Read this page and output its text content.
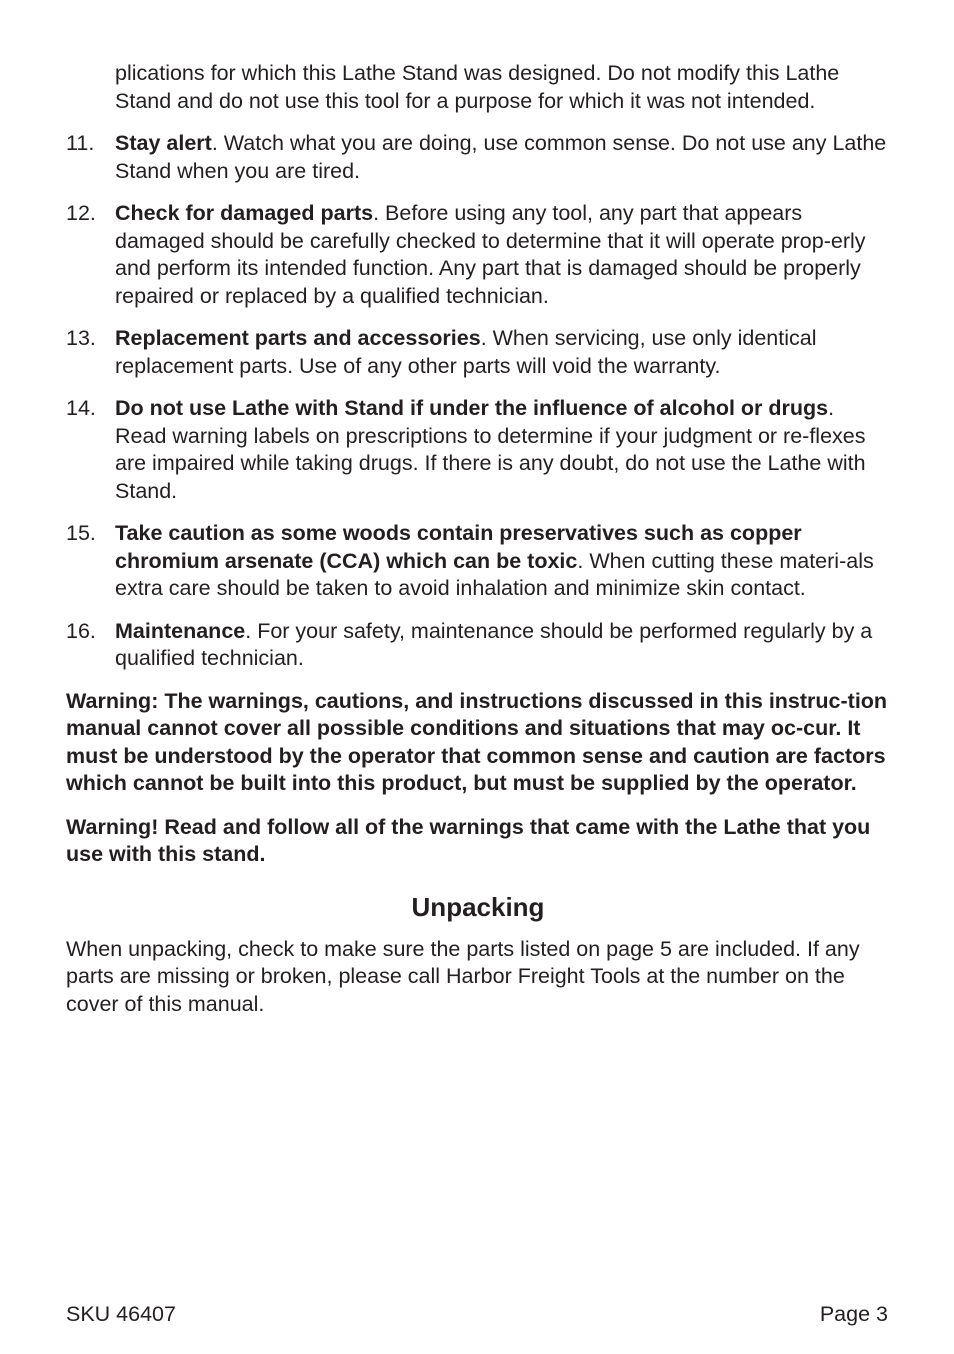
plications for which this Lathe Stand was designed. Do not modify this Lathe Stand and do not use this tool for a purpose for which it was not intended.

11. Stay alert. Watch what you are doing, use common sense. Do not use any Lathe Stand when you are tired.

12. Check for damaged parts. Before using any tool, any part that appears damaged should be carefully checked to determine that it will operate prop-erly and perform its intended function. Any part that is damaged should be properly repaired or replaced by a qualified technician.

13. Replacement parts and accessories. When servicing, use only identical replacement parts. Use of any other parts will void the warranty.

14. Do not use Lathe with Stand if under the influence of alcohol or drugs. Read warning labels on prescriptions to determine if your judgment or re-flexes are impaired while taking drugs. If there is any doubt, do not use the Lathe with Stand.

15. Take caution as some woods contain preservatives such as copper chromium arsenate (CCA) which can be toxic. When cutting these materi-als extra care should be taken to avoid inhalation and minimize skin contact.

16. Maintenance. For your safety, maintenance should be performed regularly by a qualified technician.

Warning: The warnings, cautions, and instructions discussed in this instruc-tion manual cannot cover all possible conditions and situations that may oc-cur. It must be understood by the operator that common sense and caution are factors which cannot be built into this product, but must be supplied by the operator.

Warning! Read and follow all of the warnings that came with the Lathe that you use with this stand.

Unpacking

When unpacking, check to make sure the parts listed on page 5 are included. If any parts are missing or broken, please call Harbor Freight Tools at the number on the cover of this manual.

SKU 46407	Page 3
